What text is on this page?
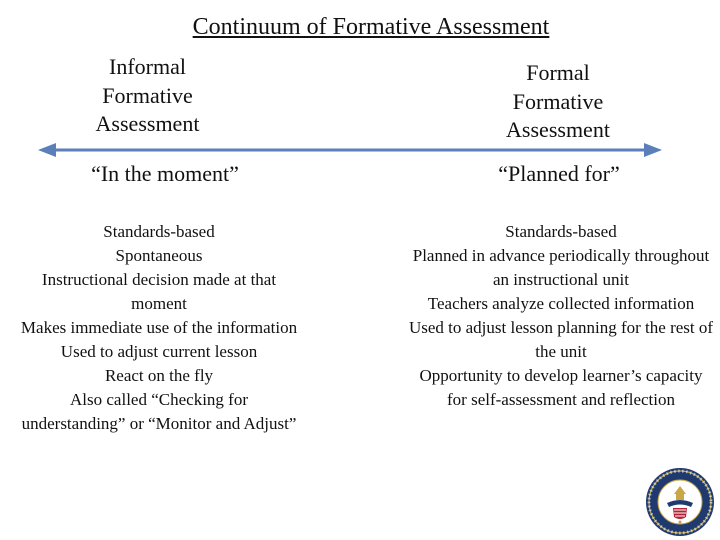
Continuum of Formative Assessment
Informal
Formative
Assessment
Formal
Formative
Assessment
“In the moment”	“Planned for”
Standards-based
Spontaneous
Instructional decision made at that moment
Makes immediate use of the information
Used to adjust current lesson
React on the fly
Also called “Checking for understanding” or “Monitor and Adjust”
Standards-based
Planned in advance periodically throughout an instructional unit
Teachers analyze collected information
Used to adjust lesson planning for the rest of the unit
Opportunity to develop learner’s capacity for self-assessment and reflection
